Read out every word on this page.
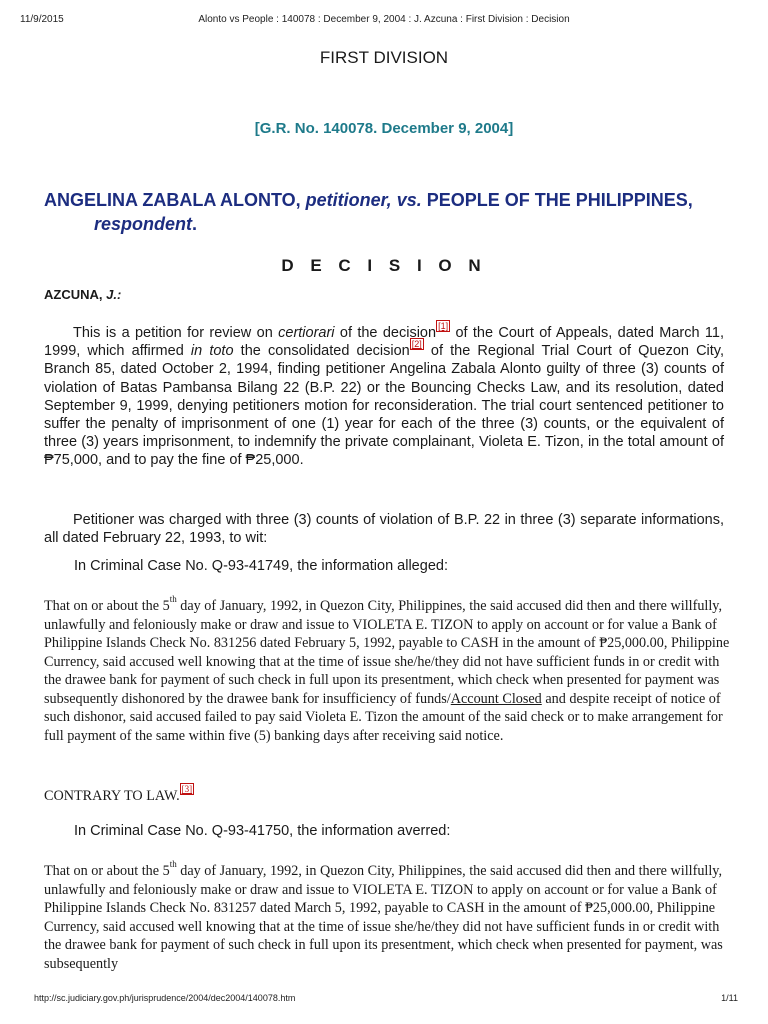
11/9/2015	Alonto vs People : 140078 : December 9, 2004 : J. Azcuna : First Division : Decision
FIRST DIVISION
[G.R. No. 140078. December 9, 2004]
ANGELINA ZABALA ALONTO, petitioner, vs. PEOPLE OF THE PHILIPPINES,
respondent.
D E C I S I O N
AZCUNA, J.:
This is a petition for review on certiorari of the decision [1] of the Court of Appeals, dated March 11, 1999, which affirmed in toto the consolidated decision [2] of the Regional Trial Court of Quezon City, Branch 85, dated October 2, 1994, finding petitioner Angelina Zabala Alonto guilty of three (3) counts of violation of Batas Pambansa Bilang 22 (B.P. 22) or the Bouncing Checks Law, and its resolution, dated September 9, 1999, denying petitioners motion for reconsideration. The trial court sentenced petitioner to suffer the penalty of imprisonment of one (1) year for each of the three (3) counts, or the equivalent of three (3) years imprisonment, to indemnify the private complainant, Violeta E. Tizon, in the total amount of ₱75,000, and to pay the fine of ₱25,000.
Petitioner was charged with three (3) counts of violation of B.P. 22 in three (3) separate informations, all dated February 22, 1993, to wit:
In Criminal Case No. Q-93-41749, the information alleged:
That on or about the 5th day of January, 1992, in Quezon City, Philippines, the said accused did then and there willfully, unlawfully and feloniously make or draw and issue to VIOLETA E. TIZON to apply on account or for value a Bank of Philippine Islands Check No. 831256 dated February 5, 1992, payable to CASH in the amount of ₱25,000.00, Philippine Currency, said accused well knowing that at the time of issue she/he/they did not have sufficient funds in or credit with the drawee bank for payment of such check in full upon its presentment, which check when presented for payment was subsequently dishonored by the drawee bank for insufficiency of funds/Account Closed and despite receipt of notice of such dishonor, said accused failed to pay said Violeta E. Tizon the amount of the said check or to make arrangement for full payment of the same within five (5) banking days after receiving said notice.
CONTRARY TO LAW. [3]
In Criminal Case No. Q-93-41750, the information averred:
That on or about the 5th day of January, 1992, in Quezon City, Philippines, the said accused did then and there willfully, unlawfully and feloniously make or draw and issue to VIOLETA E. TIZON to apply on account or for value a Bank of Philippine Islands Check No. 831257 dated March 5, 1992, payable to CASH in the amount of ₱25,000.00, Philippine Currency, said accused well knowing that at the time of issue she/he/they did not have sufficient funds in or credit with the drawee bank for payment of such check in full upon its presentment, which check when presented for payment, was subsequently
http://sc.judiciary.gov.ph/jurisprudence/2004/dec2004/140078.htm	1/11
